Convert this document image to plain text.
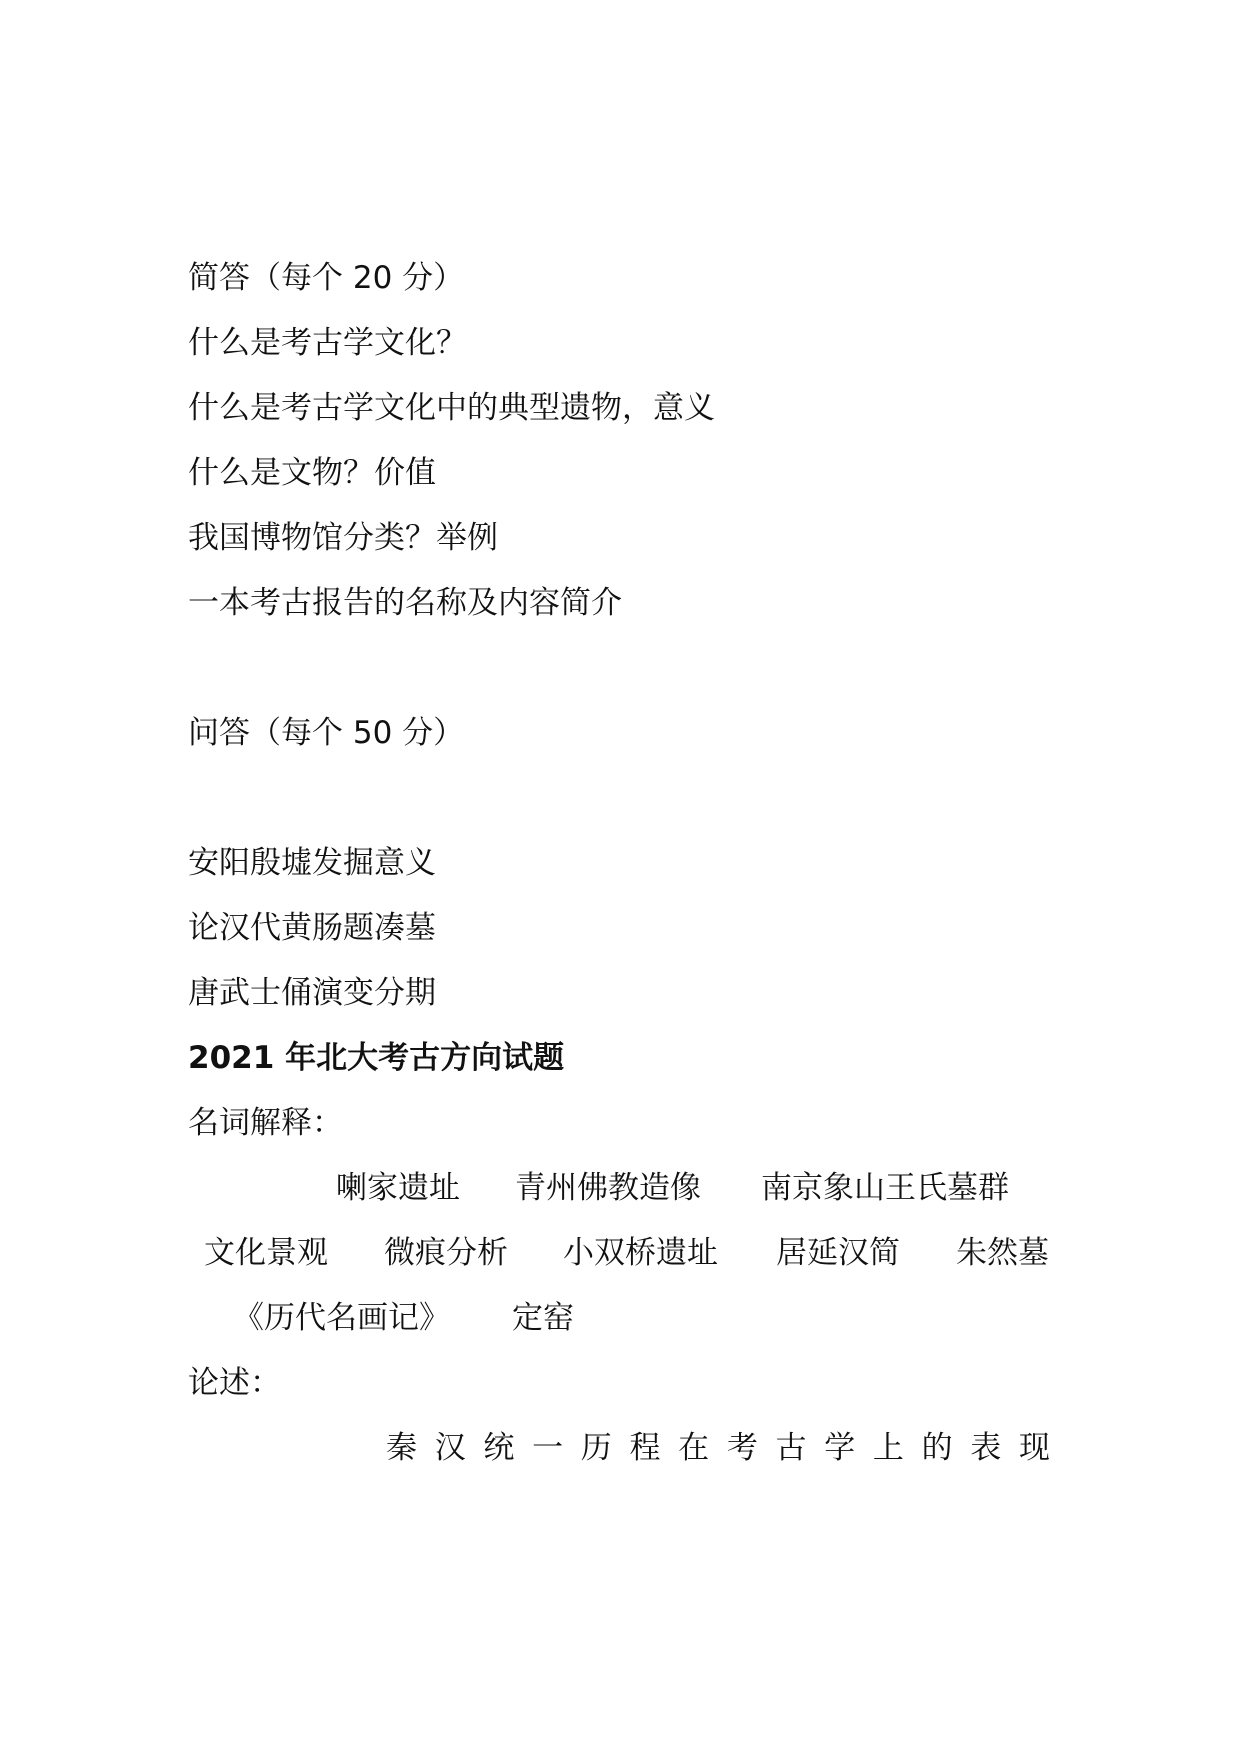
简答（每个 20 分）
什么是考古学文化？
什么是考古学文化中的典型遗物，意义
什么是文物？价值
我国博物馆分类？举例
一本考古报告的名称及内容简介
问答（每个 50 分）
安阳殷墟发掘意义
论汉代黄肠题凑墓
唐武士俑演变分期
2021 年北大考古方向试题
名词解释：
喇家遗址 青州佛教造像 南京象山王氏墓群
文化景观 微痕分析 小双桥遗址 居延汉简 朱然墓
《历代名画记》 定窑
论述：
秦 汉 统 一 历 程 在 考 古 学 上 的 表 现
